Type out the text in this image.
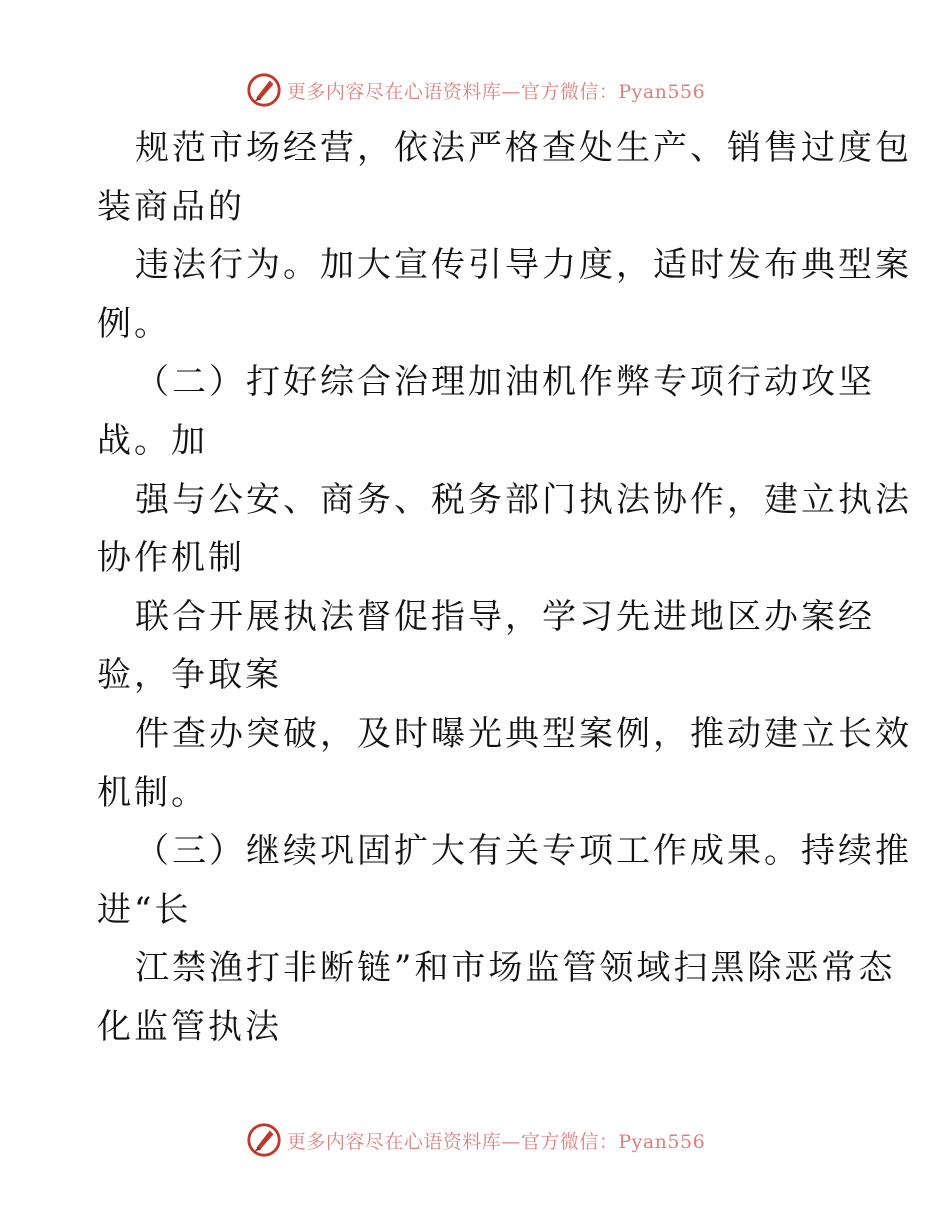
更多内容尽在心语资料库—官方微信：Pyan556
规范市场经营，依法严格查处生产、销售过度包
装商品的
违法行为。加大宣传引导力度，适时发布典型案
例。
（二）打好综合治理加油机作弊专项行动攻坚
战。加
强与公安、商务、税务部门执法协作，建立执法
协作机制
联合开展执法督促指导，学习先进地区办案经
验，争取案
件查办突破，及时曝光典型案例，推动建立长效
机制。
（三）继续巩固扩大有关专项工作成果。持续推
进“长
江禁渔打非断链”和市场监管领域扫黑除恶常态
化监管执法
更多内容尽在心语资料库—官方微信：Pyan556
